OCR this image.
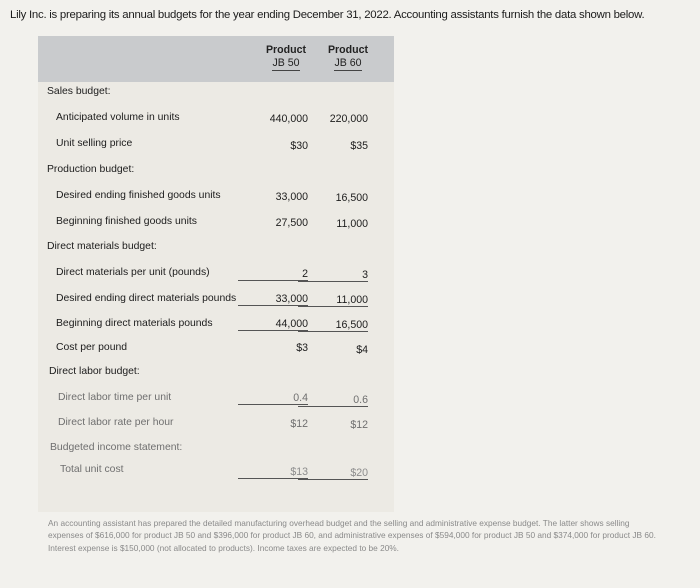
Lily Inc. is preparing its annual budgets for the year ending December 31, 2022. Accounting assistants furnish the data shown below.
Product
JB 50
Product
JB 60
Sales budget:
Anticipated volume in units
Unit selling price
Production budget:
Desired ending finished goods units
Beginning finished goods units
Direct materials budget:
Direct materials per unit (pounds)
Desired ending direct materials pounds
Beginning direct materials pounds
Cost per pound
Direct labor budget:
Direct labor time per unit
Direct labor rate per hour
Budgeted income statement:
Total unit cost
440,000
$30
33,000
27,500
2
33,000
44,000
$3
0.4
$12
$13
220,000
$35
16,500
11,000
3
11,000
16,500
$4
0.6
$12
$20
An accounting assistant has prepared the detailed manufacturing overhead budget and the selling and administrative expense budget. The latter shows selling expenses of $616,000 for product JB 50 and $396,000 for product JB 60, and administrative expenses of $594,000 for product JB 50 and $374,000 for product JB 60. Interest expense is $150,000 (not allocated to products). Income taxes are expected to be 20%.
